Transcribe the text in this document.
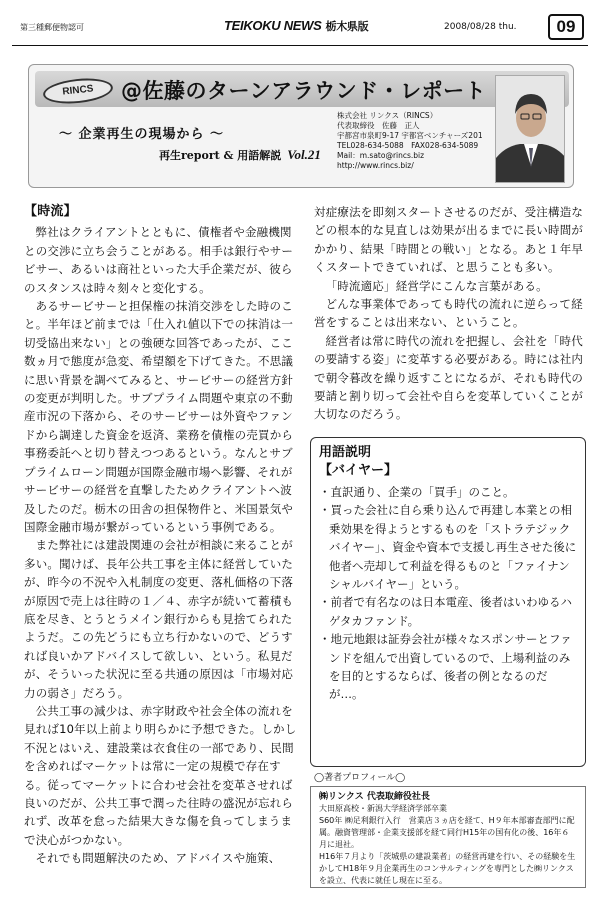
第三種郵便物認可	TEIKOKU NEWS 栃木県版	2008/08/28 thu.	09
RINCS	@佐藤のターンアラウンド・レポート
～ 企業再生の現場から ～
再生report & 用語解説 Vol.21
株式会社 リンクス（RINCS）
代表取締役　佐藤　正人
宇都宮市泉町9-17 宇都宮ベンチャーズ201
TEL028-634-5088　FAX028-634-5089
Mail：m.sato@rincs.biz
http://www.rincs.biz/
【時流】

弊社はクライアントとともに、債権者や金融機関との交渉に立ち会うことがある。相手は銀行やサービサー、あるいは商社といった大手企業だが、彼らのスタンスは時々刻々と変化する。

あるサービサーと担保権の抹消交渉をした時のこと。半年ほど前までは「仕入れ値以下での抹消は一切受協出来ない」との強硬な回答であったが、ここ数ヵ月で態度が急変、希望額を下げてきた。不思議に思い背景を調べてみると、サービサーの経営方針の変更が判明した。サブプライム問題や東京の不動産市況の下落から、そのサービサーは外資やファンドから調達した資金を返済、業務を債権の売買から事務委託へと切り替えつつあるという。なんとサブプライムローン問題が国際金融市場へ影響、それがサービサーの経営を直撃したためクライアントへ波及したのだ。栃木の田舎の担保物件と、米国景気や国際金融市場が繋がっているという事例である。

また弊社には建設関連の会社が相談に来ることが多い。聞けば、長年公共工事を主体に経営していたが、昨今の不況や入札制度の変更、落札価格の下落が原因で売上は往時の１／４、赤字が続いて蓄積も底を尽き、とうとうメイン銀行からも見捨てられたようだ。この先どうにも立ち行かないので、どうすれば良いかアドバイスして欲しい、という。私見だが、そういった状況に至る共通の原因は「市場対応力の弱さ」だろう。

公共工事の減少は、赤字財政や社会全体の流れを見れば10年以上前より明らかに予想できた。しかし不況とはいえ、建設業は衣食住の一部であり、民間を含めればマーケットは常に一定の規模で存在する。従ってマーケットに合わせ会社を変革させれば良いのだが、公共工事で潤った往時の盛況が忘れられず、改革を怠った結果大きな傷を負ってしまうまで決心がつかない。

それでも問題解決のため、アドバイスや施策、

対症療法を即刻スタートさせるのだが、受注構造などの根本的な見直しは効果が出るまでに長い時間がかかり、結果「時間との戦い」となる。あと１年早くスタートできていれば、と思うことも多い。

「時流適応」経営学にこんな言葉がある。

どんな事業体であっても時代の流れに逆らって経営をすることは出来ない、ということ。

経営者は常に時代の流れを把握し、会社を「時代の要請する姿」に変革する必要がある。時には社内で朝令暮改を繰り返すことになるが、それも時代の要請と割り切って会社や自らを変革していくことが大切なのだろう。

用語説明
【バイヤー】
・直訳通り、企業の「買手」のこと。
・買った会社に自ら乗り込んで再建し本業との相乗効果を得ようとするものを「ストラテジックバイヤー」、資金や資本で支援し再生させた後に他者へ売却して利益を得るものと「ファイナンシャルバイヤー」という。
・前者で有名なのは日本電産、後者はいわゆるハゲタカファンド。
・地元地銀は証券会社が様々なスポンサーとファンドを組んで出資しているので、上場利益のみを目的とするならば、後者の例となるのだが…。
◯著者プロフィール◯
㈱リンクス 代表取締役社長
大田原高校・新潟大学経済学部卒業
S60年 ㈱足利銀行入行　営業店３ヵ店を経て、H９年本部審査部門に配属。融資管理部・企業支援部を経て同行H15年の国有化の後、16年６月に退社。
H16年７月より「茨城県の建設業者」の経営再建を行い、その経験を生かしてH18年９月企業再生のコンサルティングを専門とした㈱リンクスを設立、代表に就任し現在に至る。
